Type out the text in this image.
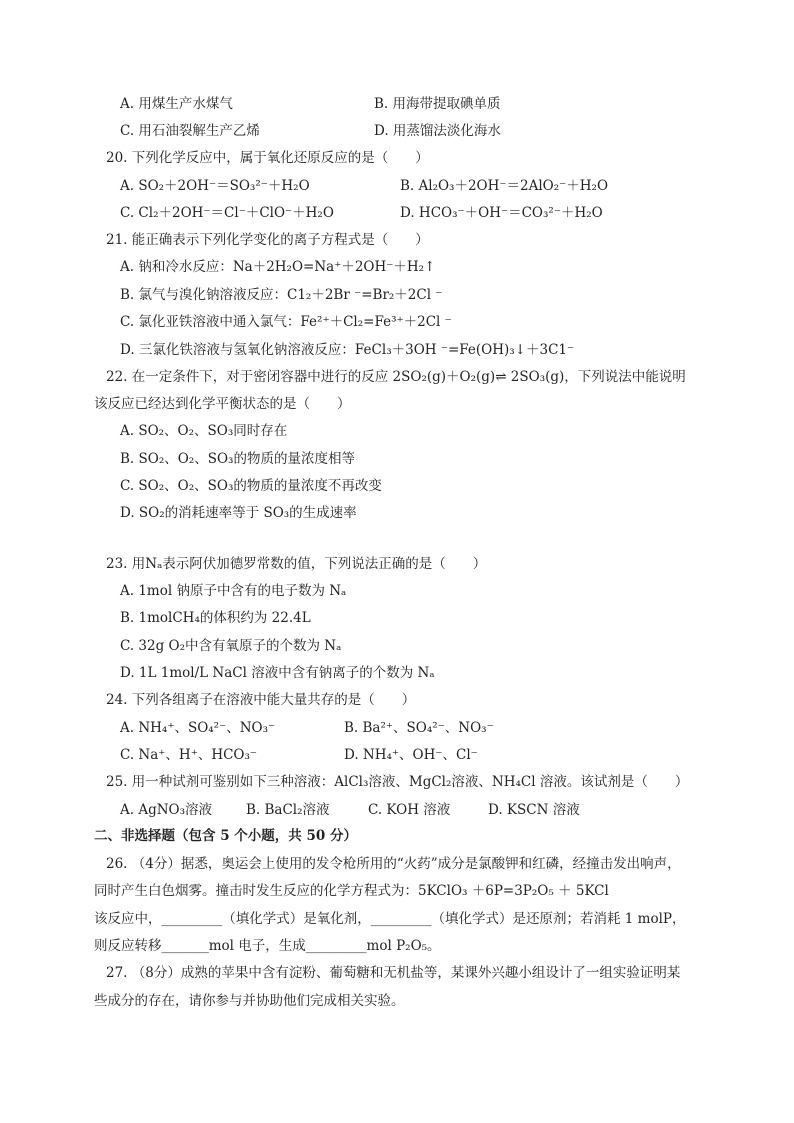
A. 用煤生产水煤气	B. 用海带提取碘单质
C. 用石油裂解生产乙烯	D. 用蒸馏法淡化海水
20. 下列化学反应中，属于氧化还原反应的是（　　）
A. SO₂＋2OH⁻＝SO₃²⁻＋H₂O	B. Al₂O₃＋2OH⁻＝2AlO₂⁻＋H₂O
C. Cl₂＋2OH⁻＝Cl⁻＋ClO⁻＋H₂O	D. HCO₃⁻＋OH⁻＝CO₃²⁻＋H₂O
21. 能正确表示下列化学变化的离子方程式是（　　）
A. 钠和冷水反应：Na＋2H₂O=Na⁺＋2OH⁻＋H₂↑
B. 氯气与溴化钠溶液反应：C1₂＋2Br ⁻=Br₂＋2Cl ⁻
C. 氯化亚铁溶液中通入氯气：Fe²⁺＋Cl₂=Fe³⁺＋2Cl ⁻
D. 三氯化铁溶液与氢氧化钠溶液反应：FeCl₃＋3OH ⁻=Fe(OH)₃↓＋3C1⁻
22. 在一定条件下，对于密闭容器中进行的反应 2SO₂(g)＋O₂(g)⇌ 2SO₃(g)，下列说法中能说明
该反应已经达到化学平衡状态的是（　　）
A. SO₂、O₂、SO₃同时存在
B. SO₂、O₂、SO₃的物质的量浓度相等
C. SO₂、O₂、SO₃的物质的量浓度不再改变
D. SO₂的消耗速率等于 SO₃的生成速率
23. 用Nₐ表示阿伏加德罗常数的值，下列说法正确的是（　　）
A. 1mol 钠原子中含有的电子数为 Nₐ
B. 1molCH₄的体积约为 22.4L
C. 32g O₂中含有氧原子的个数为 Nₐ
D. 1L 1mol/L NaCl 溶液中含有钠离子的个数为 Nₐ
24. 下列各组离子在溶液中能大量共存的是（　　）
A. NH₄⁺、SO₄²⁻、NO₃⁻	B. Ba²⁺、SO₄²⁻、NO₃⁻
C. Na⁺、H⁺、HCO₃⁻	D. NH₄⁺、OH⁻、Cl⁻
25. 用一种试剂可鉴别如下三种溶液：AlCl₃溶液、MgCl₂溶液、NH₄Cl 溶液。该试剂是（　　）
A. AgNO₃溶液	B. BaCl₂溶液	C. KOH 溶液	D. KSCN 溶液
二、非选择题（包含 5 个小题，共 50 分）
26. （4分）据悉，奥运会上使用的发令枪所用的“火药”成分是氯酸钾和红磷，经撞击发出响声，
同时产生白色烟雾。撞击时发生反应的化学方程式为：5KClO₃ ＋6P=3P₂O₅ ＋ 5KCl
该反应中，_________（填化学式）是氧化剂，_________（填化学式）是还原剂；若消耗 1 molP，
则反应转移_______mol 电子，生成_________mol P₂O₅。
27. （8分）成熟的苹果中含有淀粉、葡萄糖和无机盐等，某课外兴趣小组设计了一组实验证明某
些成分的存在，请你参与并协助他们完成相关实验。
